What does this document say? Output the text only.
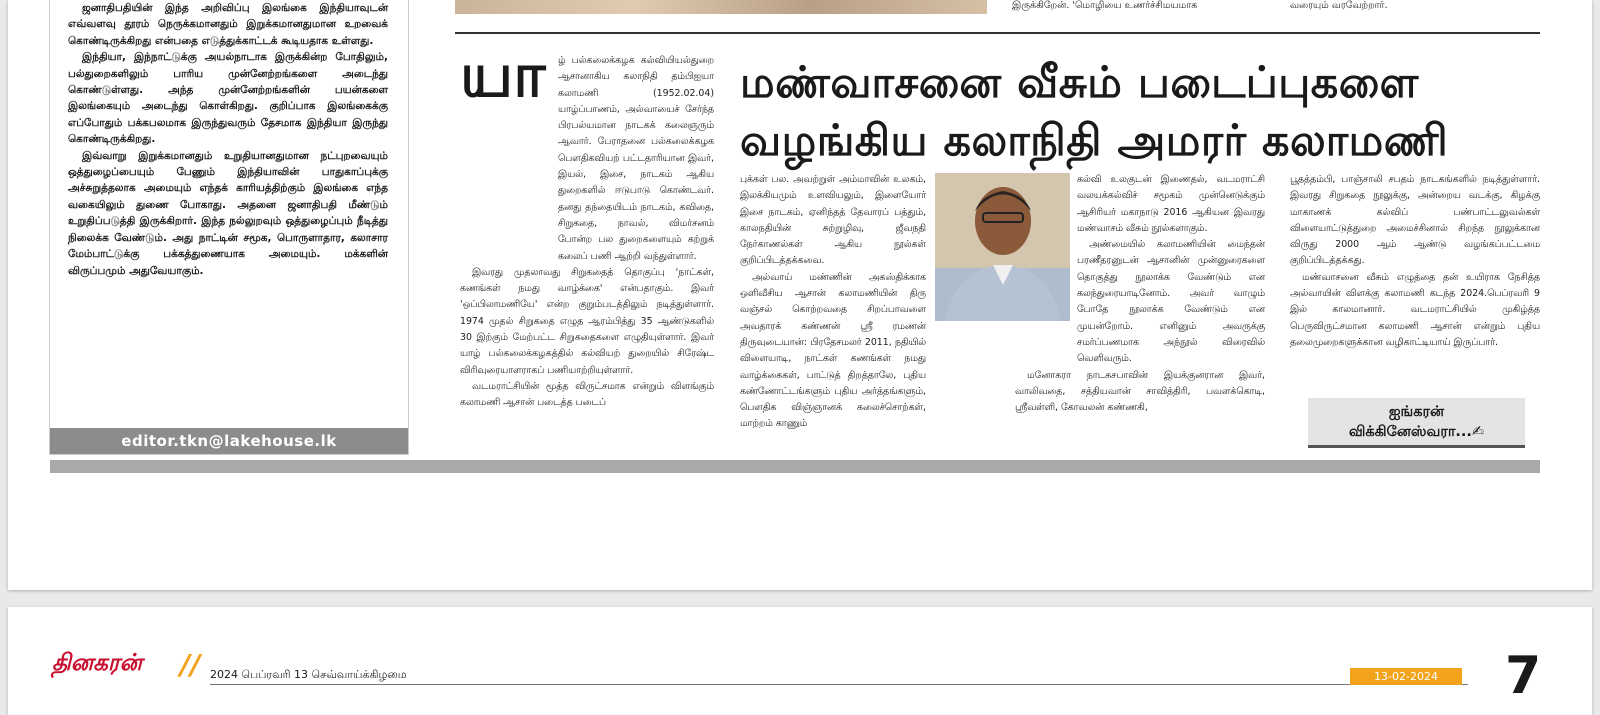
ஜனாதிபதியின் இந்த அறிவிப்பு இலங்கை இந்தியாவுடன் எவ்வளவு தூரம் நெருக்கமானதும் இறுக்கமானதுமான உறவைக் கொண்டிருக்கிறது என்பதை எடுத்துக்காட்டக் கூடியதாக உள்ளது.

இந்தியா, இந்நாட்டுக்கு அயல்நாடாக இருக்கின்ற போதிலும், பல்துறைகளிலும் பாரிய முன்னேற்றங்களை அடைந்து கொண்டுள்ளது. அந்த முன்னேற்றங்களின் பயன்களை இலங்கையும் அடைந்து கொள்கிறது. குறிப்பாக இலங்கைக்கு எப்போதும் பக்கபலமாக இருந்துவரும் தேசமாக இந்தியா இருந்து கொண்டிருக்கிறது.

இவ்வாறு இறுக்கமானதும் உறுதியானதுமான நட்புறவையும் ஒத்துழைப்பையும் பேணும் இந்தியாவின் பாதுகாப்புக்கு அச்சுறுத்தலாக அமையும் எந்தக் காரியத்திற்கும் இலங்கை எந்த வகையிலும் துணை போகாது. அதனை ஜனாதிபதி மீண்டும் உறுதிப்படுத்தி இருக்கிறார். இந்த நல்லுறவும் ஒத்துழைப்பும் நீடித்து நிலைக்க வேண்டும். அது நாட்டின் சமூக, பொருளாதார, கலாசார மேம்பாட்டுக்கு பக்கத்துணையாக அமையும். மக்களின் விருப்பமும் அதுவேயாகும்.

editor.tkn@lakehouse.lk
இருக்கிறேன். 'மொழியை உணர்ச்சிமயமாக	வரையும் வரவேற்றார்.
மண்வாசனை வீசும் படைப்புகளை
வழங்கிய கலாநிதி அமரர் கலாமணி
யா ழ் பல்கலைக்கழக கல்வியியல்துறை ஆசானாகிய கலாநிதி தம்பிஐயா கலாமணி (1952.02.04) யாழ்ப்பாணம், அல்வாயைச் சேர்ந்த பிரபல்யமான நாடகக் கலைஞரும் ஆவார். பேராதனை பல்கலைக்கழக பௌதிகவியற் பட்டதாரியான இவர், இயல், இசை, நாடகம் ஆகிய துறைகளில் ஈடுபாடு கொண்டவர். தனது தந்தையிடம் நாடகம், கவிதை, சிறுகதை, நாவல், விமர்சனம் போன்ற பல துறைகளையும் கற்றுக் கலைப் பணி ஆற்றி வந்துள்ளார்.

இவரது முதலாவது சிறுகதைத் தொகுப்பு 'நாட்கள், கணங்கள் நமது வாழ்க்கை' என்பதாகும். இவர் 'ஒப்பிலாமணியே' என்ற குறும்படத்திலும் நடித்துள்ளார். 1974 முதல் சிறுகதை எழுத ஆரம்பித்து 35 ஆண்டுகளில் 30 இற்கும் மேற்பட்ட சிறுகதைகளை எழுதியுள்ளார். இவர் யாழ் பல்கலைக்கழகத்தில் கல்வியற் துறையில் சிரேஷ்ட விரிவுரையாளராகப் பணியாற்றியுள்ளார்.

வடமராட்சியின் மூத்த விருட்சமாக என்றும் விளங்கும் கலாமணி ஆசான் படைத்த படைப்

புக்கள் பல. அவற்றுள் அம்மாவின் உலகம், இலக்கியமும் உளவியலும், இளையோர் இசை நாடகம், ஏனிந்தத் தேவாரப் பத்தும், காலநதியின் சுற்றுழிவு, ஜீவநதி நேர்காணல்கள் ஆகிய நூல்கள் குறிப்பிடத்தக்கவை.

அல்வாய் மண்ணின் அகஸ்திக்காக ஒளிவீசிய ஆசான் கலாமணியின் திரு வஞ்சல் கொற்றவதை சிறப்பாவளை அவதாரக் கண்ணன் ஸ்ரீ ரமணன் திருவுடையான்: பிரதேசமலர் 2011, நதியில் விளையாடி, நாட்கள் கணங்கள் நமது வாழ்க்கைகள், பாட்டுத் திறத்தாலே, புதிய கண்ணோட்டங்களும் புதிய அர்த்தங்களும், பௌதிக விஞ்ஞானக் கலைச்சொற்கள், மாற்றம் காணும்

கல்வி உலகுடன் இணைதல், வடமராட்சி வலயக்கல்விச் சமூகம் முன்னெடுக்கும் ஆசிரியர் மகாநாடு 2016 ஆகியன இவரது மண்வாசம் வீசும் நூல்களாகும்.

அண்மையில் கலாமணியின் மைந்தன் பரணீதரனுடன் ஆசானின் முன்னுரைகளை தொகுத்து நூலாக்க வேண்டும் என கலந்துரையாடினோம். அவர் வாழும் போதே நூலாக்க வேண்டும் என முயன்றோம். எனினும் அவருக்கு சமர்ப்பணமாக அந்நூல் விரைவில் வெளிவரும்.

மனோகரா நாடகசபாவின் இயக்குனரான இவர், வாலிவதை, சத்தியவான் சாவித்திரி, பவளக்கொடி, ஸ்ரீவள்ளி, கோவலன் கண்ணகி,

பூதத்தம்பி, பாஞ்சாலி சபதம் நாடகங்களில் நடித்துள்ளார். இவரது சிறுகதை நூலுக்கு, அன்றைய வடக்கு, கிழக்கு மாகாணக் கல்விப் பண்பாட்டலுவல்கள் விளையாட்டுத்துறை அமைச்சினால் சிறந்த நூலுக்கான விருது 2000 ஆம் ஆண்டு வழங்கப்பட்டமை குறிப்பிடத்தக்கது.

மண்வாசனை வீசும் எழுத்தை தன் உயிராக நேசித்த அல்வாயின் விளக்கு கலாமணி கடந்த 2024.பெப்ரவரி 9 இல் காலமானார். வடமராட்சியில் முகிழ்த்த பெருவிருட்சமான கலாமணி ஆசான் என்றும் புதிய தலைமுறைகளுக்கான வழிகாட்டியாய் இருப்பார்.

ஐங்கரன்
விக்கினேஸ்வரா...✍
தினகரன் // 2024 பெப்ரவரி 13 செவ்வாய்க்கிழமை	13-02-2024	7
